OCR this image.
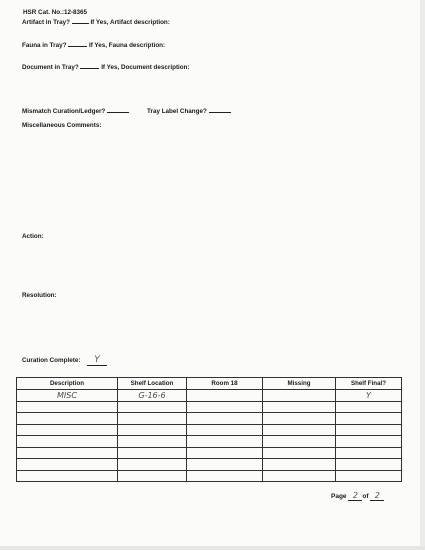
HSR Cat. No.:12-8365
Artifact in Tray?	If Yes, Artifact description:
Fauna in Tray?	If Yes, Fauna description:
Document in Tray?	If Yes, Document description:
Mismatch Curation/Ledger?	Tray Label Change?
Miscellaneous Comments:
Action:
Resolution:
Curation Complete:	Y
Description	Shelf Location	Room 18	Missing	Shelf Final?
MISC	G-16-6			Y

Page 2 of 2
